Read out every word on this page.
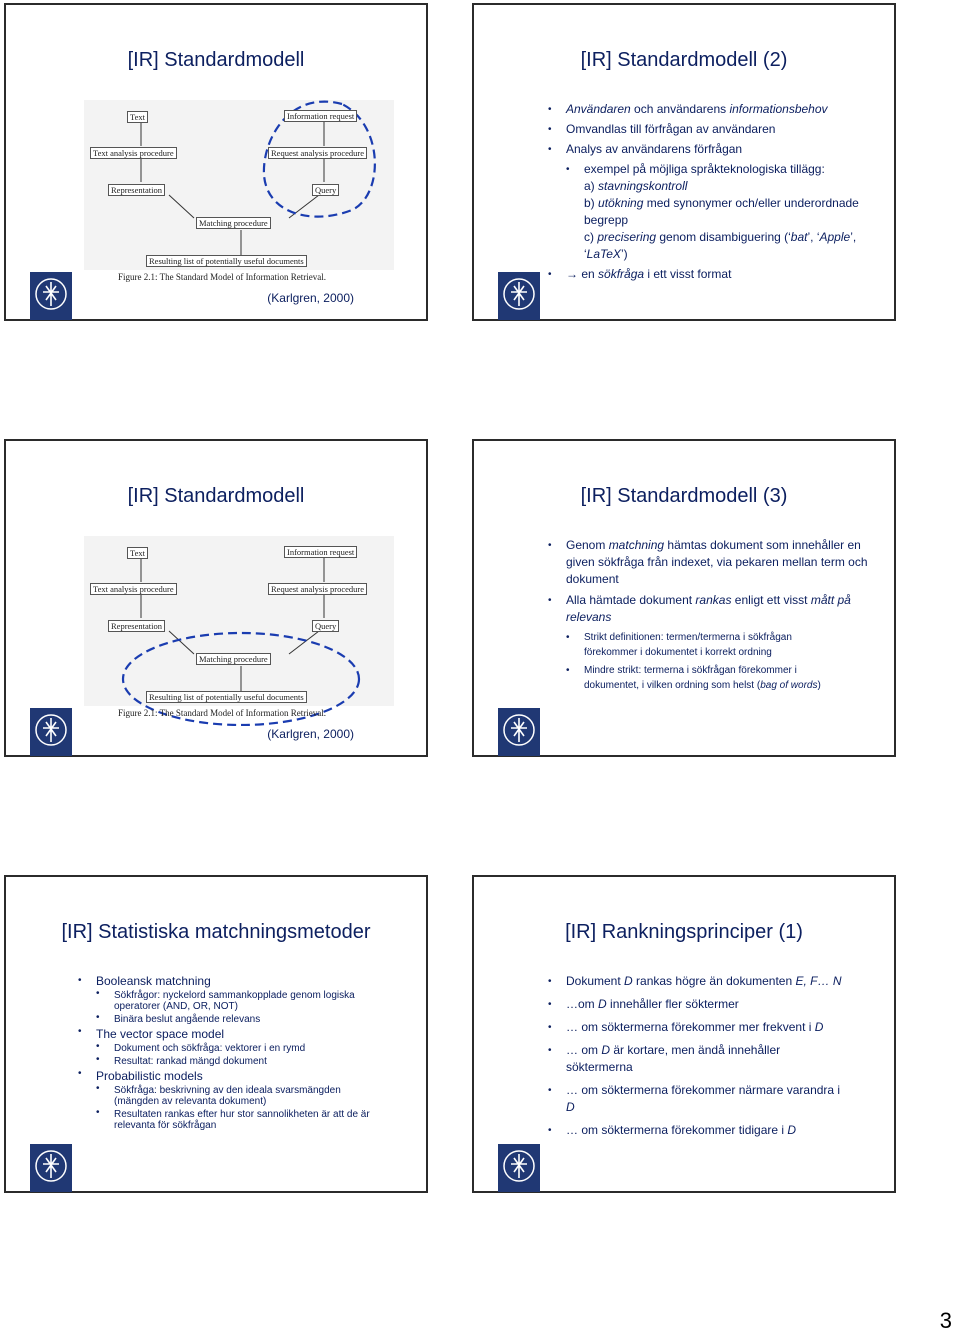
[IR] Standardmodell
Text	Information request
Text analysis procedure	Request analysis procedure
Representation	Query
Matching procedure
Resulting list of potentially useful documents
Figure 2.1: The Standard Model of Information Retrieval.
(Karlgren, 2000)
[IR] Standardmodell (2)
• Användaren och användarens informationsbehov
• Omvandlas till förfrågan av användaren
• Analys av användarens förfrågan
• exempel på möjliga språkteknologiska tillägg:
a) stavningskontroll
b) utökning med synonymer och/eller underordnade begrepp
c) precisering genom disambiguering (‘bat’, ‘Apple’, ‘LaTeX’)
• → en sökfråga i ett visst format
[IR] Standardmodell
Text	Information request
Text analysis procedure	Request analysis procedure
Representation	Query
Matching procedure
Resulting list of potentially useful documents
Figure 2.1: The Standard Model of Information Retrieval.
(Karlgren, 2000)
[IR] Standardmodell (3)
• Genom matchning hämtas dokument som innehåller en given sökfråga från indexet, via pekaren mellan term och dokument
• Alla hämtade dokument rankas enligt ett visst mått på relevans
• Strikt definitionen: termen/termerna i sökfrågan förekommer i dokumentet i korrekt ordning
• Mindre strikt: termerna i sökfrågan förekommer i dokumentet, i vilken ordning som helst (bag of words)
[IR] Statistiska matchningsmetoder
• Booleansk matchning
• Sökfrågor: nyckelord sammankopplade genom logiska operatorer (AND, OR, NOT)
• Binära beslut angående relevans
• The vector space model
• Dokument och sökfråga: vektorer i en rymd
• Resultat: rankad mängd dokument
• Probabilistic models
• Sökfråga: beskrivning av den ideala svarsmängden (mängden av relevanta dokument)
• Resultaten rankas efter hur stor sannolikheten är att de är relevanta för sökfrågan
[IR] Rankningsprinciper (1)
• Dokument D rankas högre än dokumenten E, F… N
• …om D innehåller fler söktermer
• … om söktermerna förekommer mer frekvent i D
• … om D är kortare, men ändå innehåller söktermerna
• … om söktermerna förekommer närmare varandra i D
• … om söktermerna förekommer tidigare i D
3
